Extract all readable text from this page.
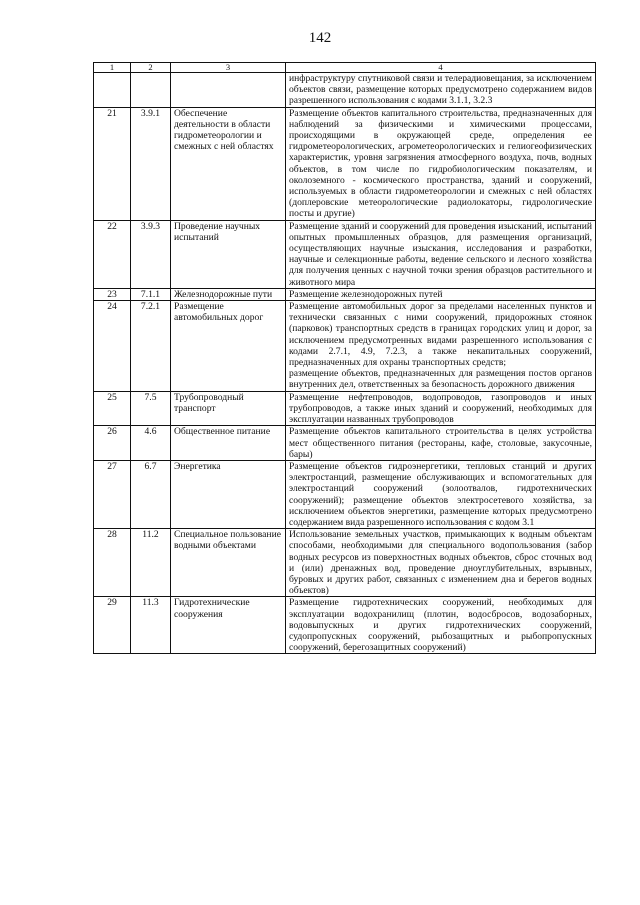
142
1	2	3	4

			инфраструктуру спутниковой связи и телерадиовещания, за исключением объектов связи, размещение которых предусмотрено содержанием видов разрешенного использования с кодами 3.1.1, 3.2.3

21	3.9.1	Обеспечение деятельности в области гидрометеорологии и смежных с ней областях	Размещение объектов капитального строительства, предназначенных для наблюдений за физическими и химическими процессами, происходящими в окружающей среде, определения ее гидрометеорологических, агрометеорологических и гелиогеофизических характеристик, уровня загрязнения атмосферного воздуха, почв, водных объектов, в том числе по гидробиологическим показателям, и околоземного - космического пространства, зданий и сооружений, используемых в области гидрометеорологии и смежных с ней областях (доплеровские метеорологические радиолокаторы, гидрологические посты и другие)

22	3.9.3	Проведение научных испытаний	Размещение зданий и сооружений для проведения изысканий, испытаний опытных промышленных образцов, для размещения организаций, осуществляющих научные изыскания, исследования и разработки, научные и селекционные работы, ведение сельского и лесного хозяйства для получения ценных с научной точки зрения образцов растительного и животного мира

23	7.1.1	Железнодорожные пути	Размещение железнодорожных путей

24	7.2.1	Размещение автомобильных дорог	Размещение автомобильных дорог за пределами населенных пунктов и технически связанных с ними сооружений, придорожных стоянок (парковок) транспортных средств в границах городских улиц и дорог, за исключением предусмотренных видами разрешенного использования с кодами 2.7.1, 4.9, 7.2.3, а также некапитальных сооружений, предназначенных для охраны транспортных средств;

размещение объектов, предназначенных для размещения постов органов внутренних дел, ответственных за безопасность дорожного движения

25	7.5	Трубопроводный транспорт	Размещение нефтепроводов, водопроводов, газопроводов и иных трубопроводов, а также иных зданий и сооружений, необходимых для эксплуатации названных трубопроводов

26	4.6	Общественное питание	Размещение объектов капитального строительства в целях устройства мест общественного питания (рестораны, кафе, столовые, закусочные, бары)

27	6.7	Энергетика	Размещение объектов гидроэнергетики, тепловых станций и других электростанций, размещение обслуживающих и вспомогательных для электростанций сооружений (золоотвалов, гидротехнических сооружений); размещение объектов электросетевого хозяйства, за исключением объектов энергетики, размещение которых предусмотрено содержанием вида разрешенного использования с кодом 3.1

28	11.2	Специальное пользование водными объектами	Использование земельных участков, примыкающих к водным объектам способами, необходимыми для специального водопользования (забор водных ресурсов из поверхностных водных объектов, сброс сточных вод и (или) дренажных вод, проведение дноуглубительных, взрывных, буровых и других работ, связанных с изменением дна и берегов водных объектов)

29	11.3	Гидротехнические сооружения	Размещение гидротехнических сооружений, необходимых для эксплуатации водохранилищ (плотин, водосбросов, водозаборных, водовыпускных и других гидротехнических сооружений, судопропускных сооружений, рыбозащитных и рыбопропускных сооружений, берегозащитных сооружений)
